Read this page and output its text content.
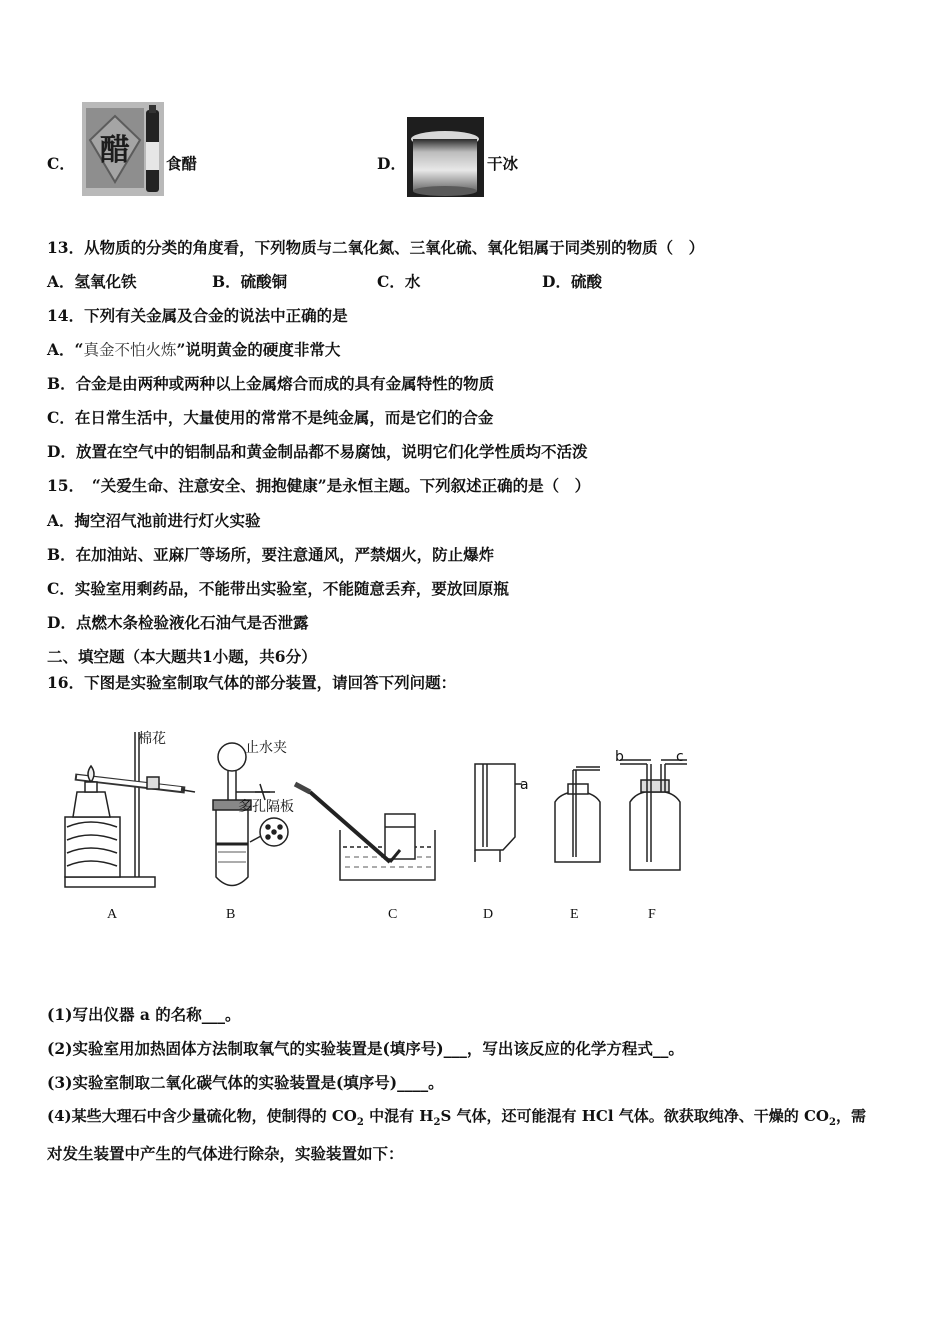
C． 醋 食醋	D．	干冰
13．从物质的分类的角度看，下列物质与二氧化氮、三氧化硫、氧化铝属于同类别的物质（　）
A．氢氧化铁	B．硫酸铜	C．水	D．硫酸
14．下列有关金属及合金的说法中正确的是
A．“真金不怕火炼”说明黄金的硬度非常大
B．合金是由两种或两种以上金属熔合而成的具有金属特性的物质
C．在日常生活中，大量使用的常常不是纯金属，而是它们的合金
D．放置在空气中的铝制品和黄金制品都不易腐蚀，说明它们化学性质均不活泼
15．　“关爱生命、注意安全、拥抱健康”是永恒主题。下列叙述正确的是（　）
A．掏空沼气池前进行灯火实验
B．在加油站、亚麻厂等场所，要注意通风，严禁烟火，防止爆炸
C．实验室用剩药品，不能带出实验室，不能随意丢弃，要放回原瓶
D．点燃木条检验液化石油气是否泄露
二、填空题（本大题共1小题，共6分）
16．下图是实验室制取气体的部分装置，请回答下列问题：
棉花
止水夹
多孔隔板
a
b	c
A	B	C	D	E	F
(1)写出仪器 a 的名称___。
(2)实验室用加热固体方法制取氧气的实验装置是(填序号)___，写出该反应的化学方程式__。
(3)实验室制取二氧化碳气体的实验装置是(填序号)____。
(4)某些大理石中含少量硫化物，使制得的 $CO_2$ 中混有 $H_2S$ 气体，还可能混有 HCl 气体。欲获取纯净、干燥的 $CO_2$，需
对发生装置中产生的气体进行除杂，实验装置如下：
